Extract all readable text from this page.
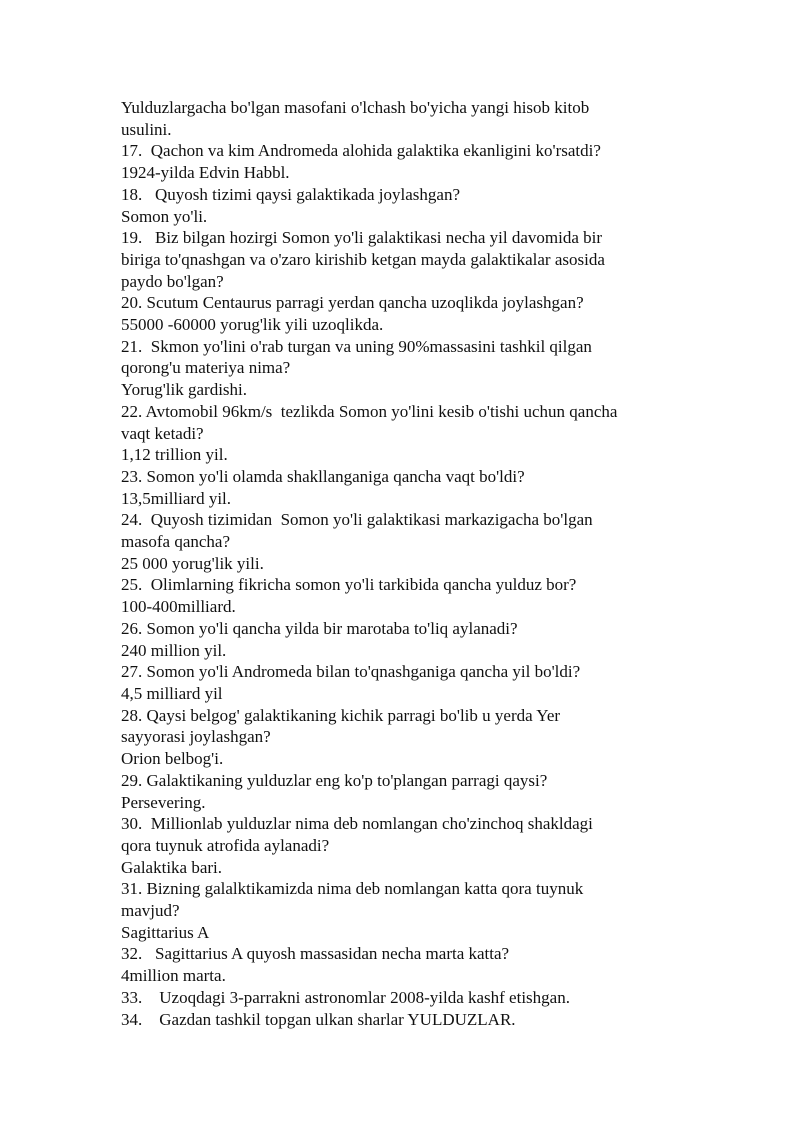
Yulduzlargacha bo'lgan masofani o'lchash bo'yicha yangi hisob kitob
usulini.
17.  Qachon va kim Andromeda alohida galaktika ekanligini ko'rsatdi?
1924-yilda Edvin Habbl.
18.   Quyosh tizimi qaysi galaktikada joylashgan?
Somon yo'li.
19.   Biz bilgan hozirgi Somon yo'li galaktikasi necha yil davomida bir
biriga to'qnashgan va o'zaro kirishib ketgan mayda galaktikalar asosida
paydo bo'lgan?
20. Scutum Centaurus parragi yerdan qancha uzoqlikda joylashgan?
55000 -60000 yorug'lik yili uzoqlikda.
21.  Skmon yo'lini o'rab turgan va uning 90%massasini tashkil qilgan
qorong'u materiya nima?
Yorug'lik gardishi.
22. Avtomobil 96km/s  tezlikda Somon yo'lini kesib o'tishi uchun qancha
vaqt ketadi?
1,12 trillion yil.
23. Somon yo'li olamda shakllanganiga qancha vaqt bo'ldi?
13,5milliard yil.
24.  Quyosh tizimidan  Somon yo'li galaktikasi markazigacha bo'lgan
masofa qancha?
25 000 yorug'lik yili.
25.  Olimlarning fikricha somon yo'li tarkibida qancha yulduz bor?
100-400milliard.
26. Somon yo'li qancha yilda bir marotaba to'liq aylanadi?
240 million yil.
27. Somon yo'li Andromeda bilan to'qnashganiga qancha yil bo'ldi?
4,5 milliard yil
28. Qaysi belgog' galaktikaning kichik parragi bo'lib u yerda Yer
sayyorasi joylashgan?
Orion belbog'i.
29. Galaktikaning yulduzlar eng ko'p to'plangan parragi qaysi?
Persevering.
30.  Millionlab yulduzlar nima deb nomlangan cho'zinchoq shakldagi
qora tuynuk atrofida aylanadi?
Galaktika bari.
31. Bizning galalktikamizda nima deb nomlangan katta qora tuynuk
mavjud?
Sagittarius A
32.   Sagittarius A quyosh massasidan necha marta katta?
4million marta.
33.    Uzoqdagi 3-parrakni astronomlar 2008-yilda kashf etishgan.
34.    Gazdan tashkil topgan ulkan sharlar YULDUZLAR.
